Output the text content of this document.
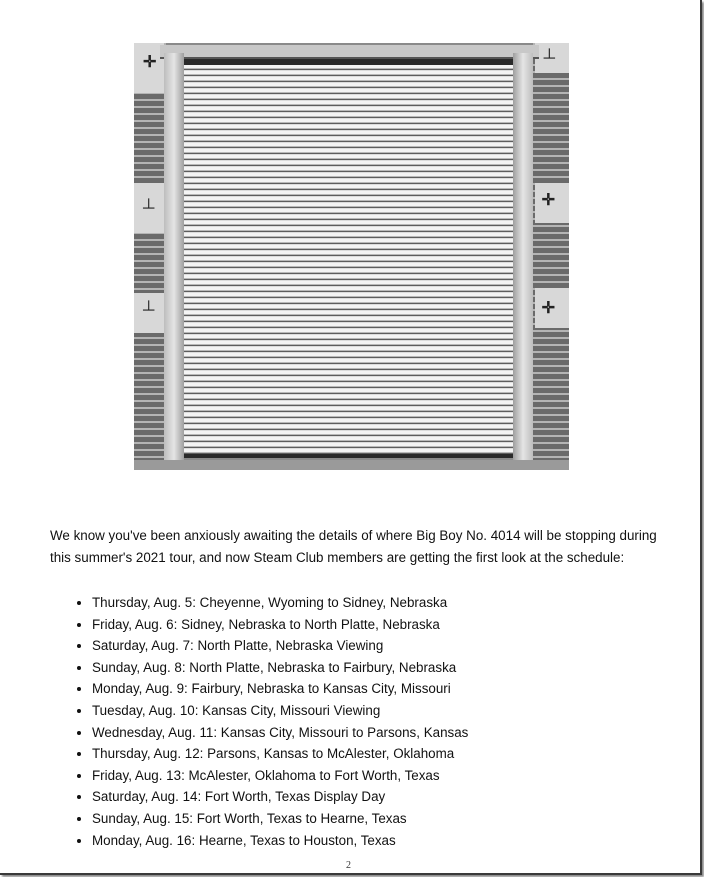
✛
┴
┴
┴
✛
✛

We know you've been anxiously awaiting the details of where Big Boy No. 4014 will be stopping during this summer's 2021 tour, and now Steam Club members are getting the first look at the schedule:

• Thursday, Aug. 5: Cheyenne, Wyoming to Sidney, Nebraska
• Friday, Aug. 6: Sidney, Nebraska to North Platte, Nebraska
• Saturday, Aug. 7: North Platte, Nebraska Viewing
• Sunday, Aug. 8: North Platte, Nebraska to Fairbury, Nebraska
• Monday, Aug. 9: Fairbury, Nebraska to Kansas City, Missouri
• Tuesday, Aug. 10: Kansas City, Missouri Viewing
• Wednesday, Aug. 11: Kansas City, Missouri to Parsons, Kansas
• Thursday, Aug. 12: Parsons, Kansas to McAlester, Oklahoma
• Friday, Aug. 13: McAlester, Oklahoma to Fort Worth, Texas
• Saturday, Aug. 14: Fort Worth, Texas Display Day
• Sunday, Aug. 15: Fort Worth, Texas to Hearne, Texas
• Monday, Aug. 16: Hearne, Texas to Houston, Texas
2
